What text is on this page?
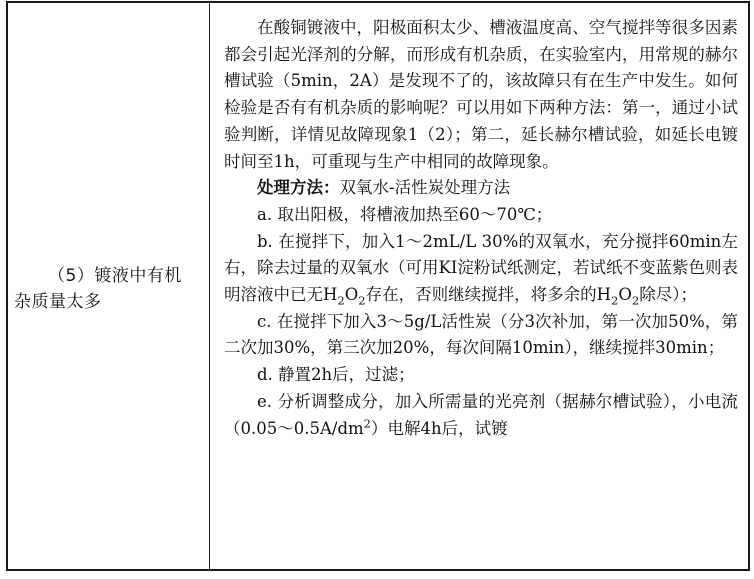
（5）镀液中有机杂质量太多

在酸铜镀液中，阳极面积太少、槽液温度高、空气搅拌等很多因素都会引起光泽剂的分解，而形成有机杂质，在实验室内，用常规的赫尔槽试验（5min，2A）是发现不了的，该故障只有在生产中发生。如何检验是否有有机杂质的影响呢？可以用如下两种方法：第一，通过小试验判断，详情见故障现象1（2）；第二，延长赫尔槽试验，如延长电镀时间至1h，可重现与生产中相同的故障现象。

处理方法：双氧水-活性炭处理方法

a. 取出阳极，将槽液加热至60～70℃；

b. 在搅拌下，加入1～2mL/L 30%的双氧水，充分搅拌60min左右，除去过量的双氧水（可用KI淀粉试纸测定，若试纸不变蓝紫色则表明溶液中已无$H_2O_2$存在，否则继续搅拌，将多余的$H_2O_2$除尽）；

c. 在搅拌下加入3～5g/L活性炭（分3次补加，第一次加50%，第二次加30%，第三次加20%，每次间隔10min），继续搅拌30min；

d. 静置2h后，过滤；

e. 分析调整成分，加入所需量的光亮剂（据赫尔槽试验），小电流$(0.05\sim 0.5A/dm^2)$电解4h后，试镀
